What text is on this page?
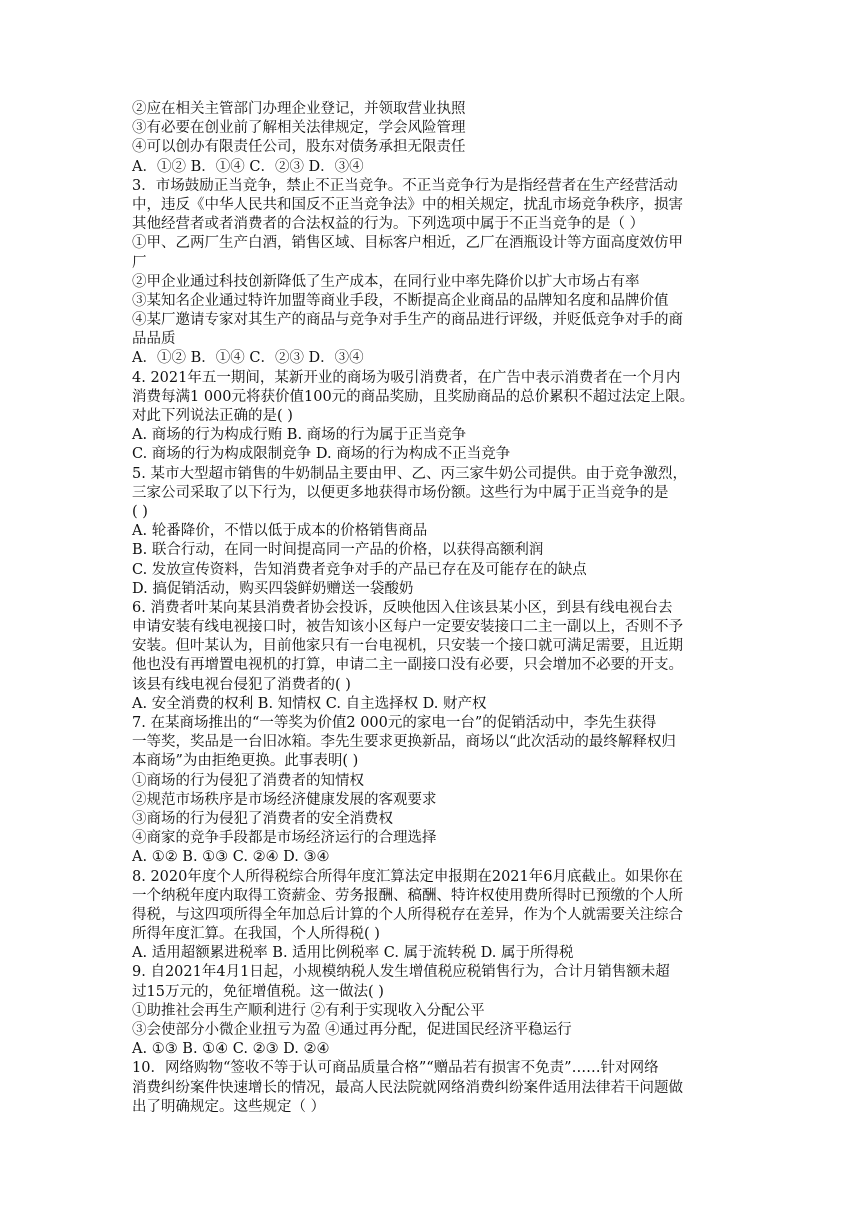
②应在相关主管部门办理企业登记，并领取营业执照
③有必要在创业前了解相关法律规定，学会风险管理
④可以创办有限责任公司，股东对债务承担无限责任
A．①② B．①④ C．②③ D．③④
3．市场鼓励正当竞争，禁止不正当竞争。不正当竞争行为是指经营者在生产经营活动
中，违反《中华人民共和国反不正当竞争法》中的相关规定，扰乱市场竞争秩序，损害
其他经营者或者消费者的合法权益的行为。下列选项中属于不正当竞争的是（ ）
①甲、乙两厂生产白酒，销售区域、目标客户相近，乙厂在酒瓶设计等方面高度效仿甲
厂
②甲企业通过科技创新降低了生产成本，在同行业中率先降价以扩大市场占有率
③某知名企业通过特许加盟等商业手段，不断提高企业商品的品牌知名度和品牌价值
④某厂邀请专家对其生产的商品与竞争对手生产的商品进行评级，并贬低竞争对手的商
品品质
A．①② B．①④ C．②③ D．③④
4. 2021年五一期间，某新开业的商场为吸引消费者，在广告中表示消费者在一个月内
消费每满1 000元将获价值100元的商品奖励，且奖励商品的总价累积不超过法定上限。
对此下列说法正确的是( )
A. 商场的行为构成行贿 B. 商场的行为属于正当竞争
C. 商场的行为构成限制竞争 D. 商场的行为构成不正当竞争
5. 某市大型超市销售的牛奶制品主要由甲、乙、丙三家牛奶公司提供。由于竞争激烈，
三家公司采取了以下行为，以便更多地获得市场份额。这些行为中属于正当竞争的是
( )
A. 轮番降价，不惜以低于成本的价格销售商品
B. 联合行动，在同一时间提高同一产品的价格，以获得高额利润
C. 发放宣传资料，告知消费者竞争对手的产品已存在及可能存在的缺点
D. 搞促销活动，购买四袋鲜奶赠送一袋酸奶
6. 消费者叶某向某县消费者协会投诉，反映他因入住该县某小区，到县有线电视台去
申请安装有线电视接口时，被告知该小区每户一定要安装接口二主一副以上，否则不予
安装。但叶某认为，目前他家只有一台电视机，只安装一个接口就可满足需要，且近期
他也没有再增置电视机的打算，申请二主一副接口没有必要，只会增加不必要的开支。
该县有线电视台侵犯了消费者的( )
A. 安全消费的权利 B. 知情权 C. 自主选择权 D. 财产权
7. 在某商场推出的“一等奖为价值2 000元的家电一台”的促销活动中，李先生获得
一等奖，奖品是一台旧冰箱。李先生要求更换新品，商场以“此次活动的最终解释权归
本商场”为由拒绝更换。此事表明( )
①商场的行为侵犯了消费者的知情权
②规范市场秩序是市场经济健康发展的客观要求
③商场的行为侵犯了消费者的安全消费权
④商家的竞争手段都是市场经济运行的合理选择
A. ①② B. ①③ C. ②④ D. ③④
8. 2020年度个人所得税综合所得年度汇算法定申报期在2021年6月底截止。如果你在
一个纳税年度内取得工资薪金、劳务报酬、稿酬、特许权使用费所得时已预缴的个人所
得税，与这四项所得全年加总后计算的个人所得税存在差异，作为个人就需要关注综合
所得年度汇算。在我国，个人所得税( )
A. 适用超额累进税率 B. 适用比例税率 C. 属于流转税 D. 属于所得税
9. 自2021年4月1日起，小规模纳税人发生增值税应税销售行为，合计月销售额未超
过15万元的，免征增值税。这一做法( )
①助推社会再生产顺利进行 ②有利于实现收入分配公平
③会使部分小微企业扭亏为盈 ④通过再分配，促进国民经济平稳运行
A. ①③ B. ①④ C. ②③ D. ②④
10．网络购物“签收不等于认可商品质量合格”“赠品若有损害不免责”……针对网络
消费纠纷案件快速增长的情况，最高人民法院就网络消费纠纷案件适用法律若干问题做
出了明确规定。这些规定（ ）
